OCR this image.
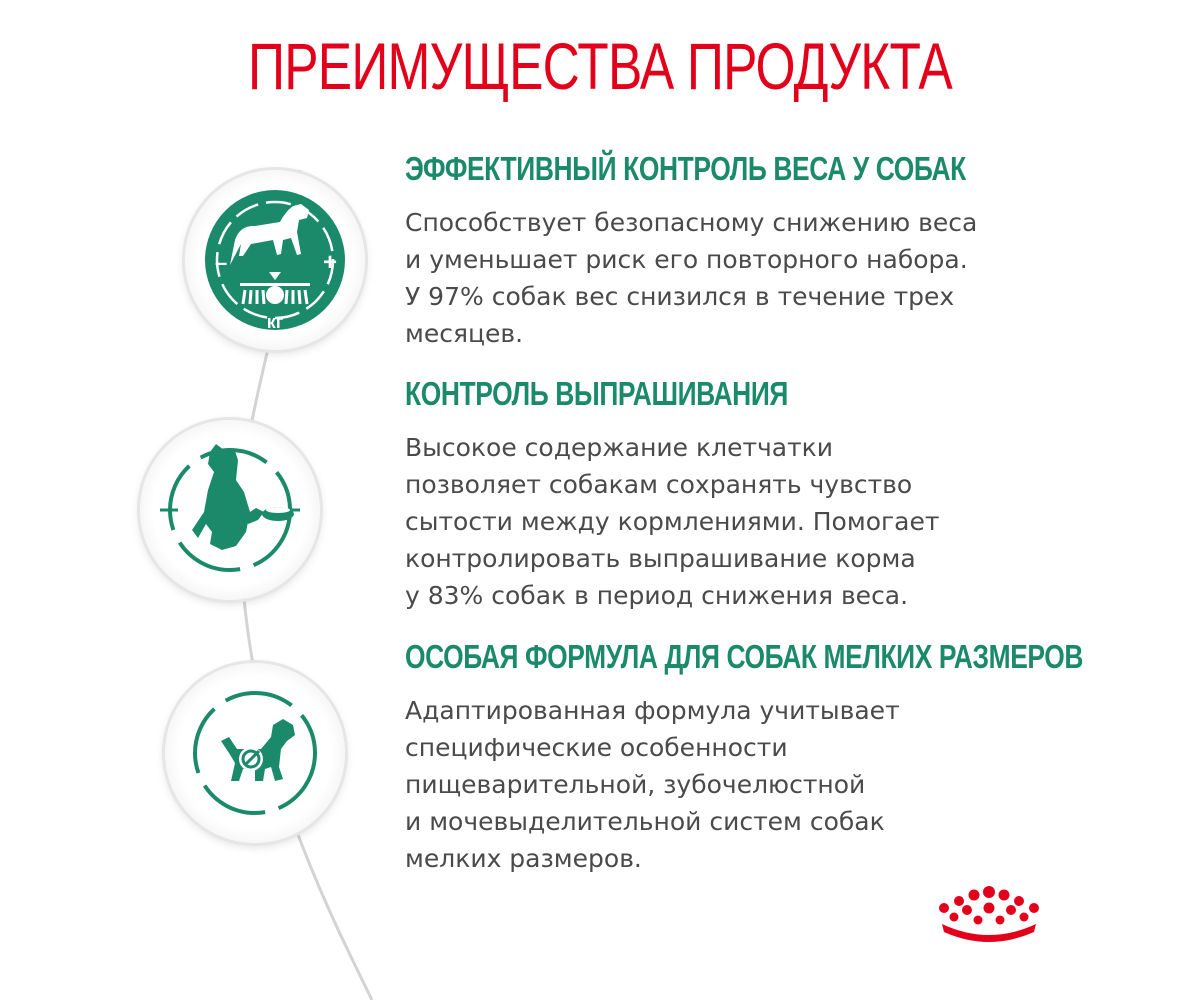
ПРЕИМУЩЕСТВА ПРОДУКТА
–	+
кг
ЭФФЕКТИВНЫЙ КОНТРОЛЬ ВЕСА У СОБАК

Способствует безопасному снижению веса
и уменьшает риск его повторного набора.
У 97% собак вес снизился в течение трех
месяцев.

КОНТРОЛЬ ВЫПРАШИВАНИЯ

Высокое содержание клетчатки
позволяет собакам сохранять чувство
сытости между кормлениями. Помогает
контролировать выпрашивание корма
у 83% собак в период снижения веса.

ОСОБАЯ ФОРМУЛА ДЛЯ СОБАК МЕЛКИХ РАЗМЕРОВ

Адаптированная формула учитывает
специфические особенности
пищеварительной, зубочелюстной
и мочевыделительной систем собак
мелких размеров.
